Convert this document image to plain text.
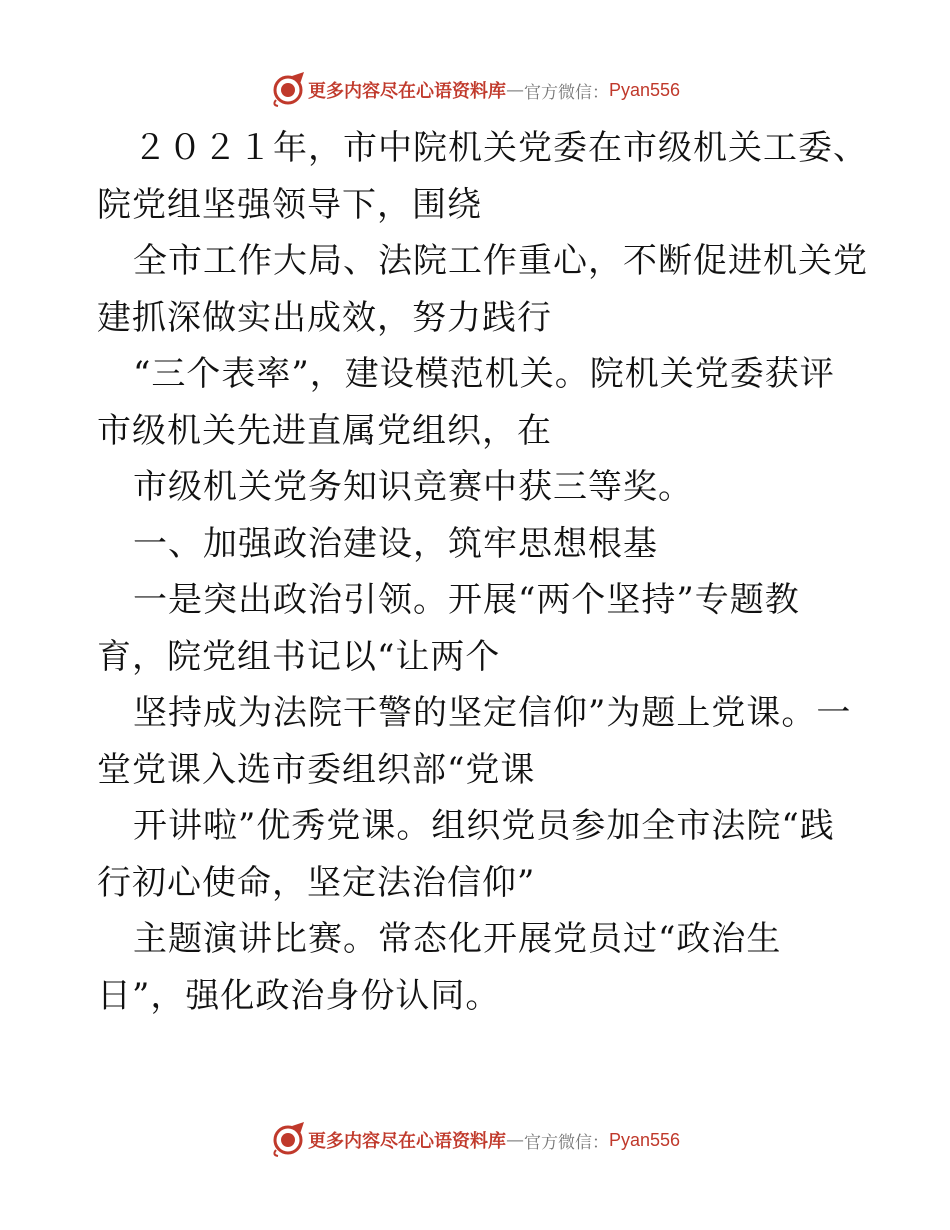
更多内容尽在心语资料库 — 官方微信： Pyan556
２０２１年，市中院机关党委在市级机关工委、
院党组坚强领导下，围绕
全市工作大局、法院工作重心，不断促进机关党
建抓深做实出成效，努力践行
“三个表率”，建设模范机关。院机关党委获评
市级机关先进直属党组织，在
市级机关党务知识竞赛中获三等奖。
一、加强政治建设，筑牢思想根基
一是突出政治引领。开展“两个坚持”专题教
育，院党组书记以“让两个
坚持成为法院干警的坚定信仰”为题上党课。一
堂党课入选市委组织部“党课
开讲啦”优秀党课。组织党员参加全市法院“践
行初心使命，坚定法治信仰”
主题演讲比赛。常态化开展党员过“政治生
日”，强化政治身份认同。
更多内容尽在心语资料库 — 官方微信： Pyan556
